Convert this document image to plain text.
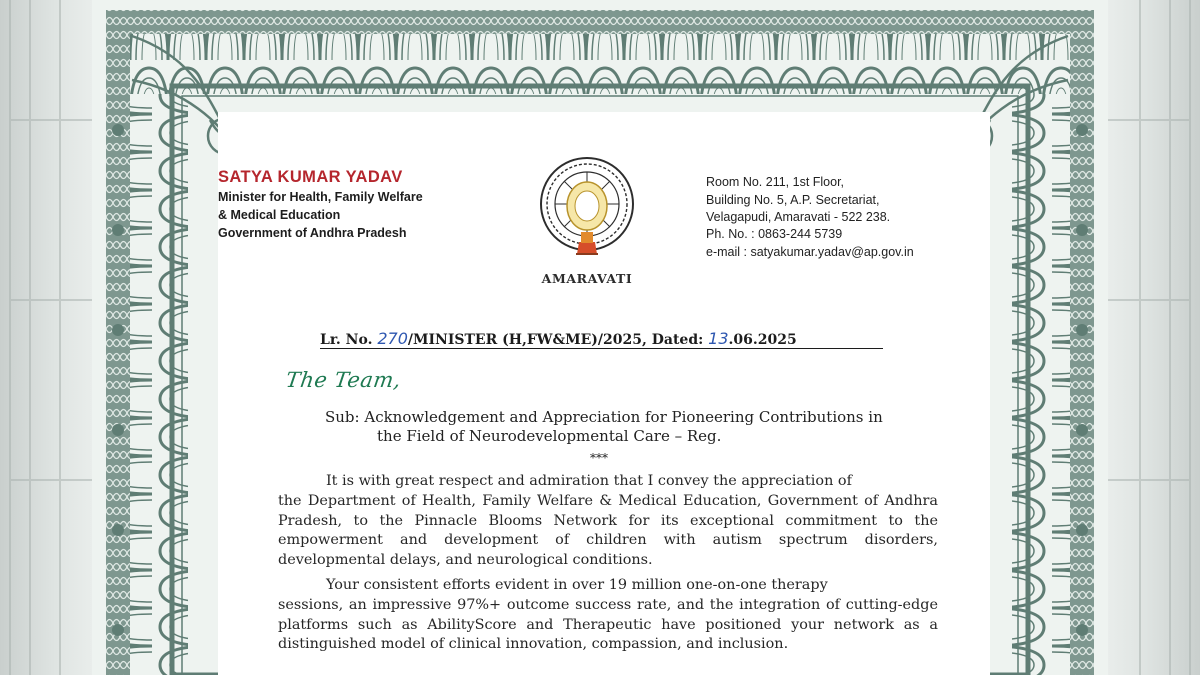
SATYA KUMAR YADAV
Minister for Health, Family Welfare
& Medical Education
Government of Andhra Pradesh
AMARAVATI
Room No. 211, 1st Floor,
Building No. 5, A.P. Secretariat,
Velagapudi, Amaravati - 522 238.
Ph. No. : 0863-244 5739
e-mail : satyakumar.yadav@ap.gov.in
Lr. No. 270/MINISTER (H,FW&ME)/2025, Dated: 13.06.2025
The Team,
Sub: Acknowledgement and Appreciation for Pioneering Contributions in
the Field of Neurodevelopmental Care – Reg.
***
It is with great respect and admiration that I convey the appreciation of
the Department of Health, Family Welfare & Medical Education, Government of Andhra Pradesh, to the Pinnacle Blooms Network for its exceptional commitment to the empowerment and development of children with autism spectrum disorders, developmental delays, and neurological conditions.
Your consistent efforts evident in over 19 million one-on-one therapy
sessions, an impressive 97%+ outcome success rate, and the integration of cutting-edge platforms such as AbilityScore and Therapeutic have positioned your network as a distinguished model of clinical innovation, compassion, and inclusion.
